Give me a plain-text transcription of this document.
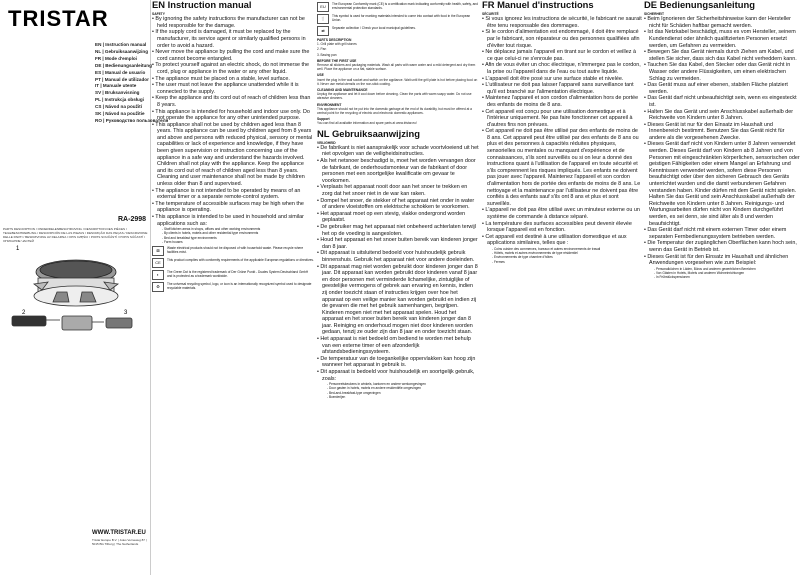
TRISTAR
EN | Instruction manual
NL | Gebruiksaanwijzing
FR | Mode d'emploi
DE | Bedienungsanleitung
ES | Manual de usuario
PT | Manual de utilizador
IT | Manuale utente
SV | Bruksanvisning
PL | Instrukcja obsługi
CS | Návod na použití
SK | Návod na použitie
RO | Руководство пользователя
RA-2998
PARTS DESCRIPTION / ONDERDELENBESCHRIJVING / DESCRIPTION DES PIÈCES / TEILEBESCHREIBUNG / DESCRIPCIÓN DE LAS PIEZAS / DESCRIÇÃO DAS PEÇAS / DESCRIZIONE DELLE PARTI / BESKRIVNING AV DELARNA / OPIS CZĘŚCI / POPIS SOUČÁSTÍ / POPIS SÚČASTÍ / ОПИСАНИЕ ЧАСТЕЙ
1
2	3
WWW.TRISTAR.EU
Tristar Europe B.V. | Jules Verneweg 87 | 5015 BG Tilburg | The Netherlands
EN Instruction manual

SAFETY

• By ignoring the safety instructions the manufacturer can not be held responsible for the damage.

• If the supply cord is damaged, it must be replaced by the manufacturer, its service agent or similarly qualified persons in order to avoid a hazard.

• Never move the appliance by pulling the cord and make sure the cord cannot become entangled.

• To protect yourself against an electric shock, do not immerse the cord, plug or appliance in the water or any other liquid.

• The appliance must be placed on a stable, level surface.

• The user must not leave the appliance unattended while it is connected to the supply.

• Keep the appliance and its cord out of reach of children less than 8 years.

• This appliance is intended for household and indoor use only. Do not operate the appliance for any other unintended purpose.

• This appliance shall not be used by children aged less than 8 years. This appliance can be used by children aged from 8 years and above and persons with reduced physical, sensory or mental capabilities or lack of experience and knowledge, if they have been given supervision or instruction concerning use of the appliance in a safe way and understand the hazards involved. Children shall not play with the appliance. Keep the appliance and its cord out of reach of children aged less than 8 years. Cleaning and user maintenance shall not be made by children unless older than 8 and supervised.

• The appliance is not intended to be operated by means of an external timer or a separate remote-control system.

• The temperature of accessible surfaces may be high when the appliance is operating.

• This appliance is intended to be used in household and similar applications such as:

- Staff kitchen areas in shops, offices and other working environments

- By clients in hotels, motels and other residential type environments

- Bed and breakfast type environments

- Farm houses

⊠	Waste electrical products should not be disposed of with household waste. Please recycle where facilities exist.

CE	This product complies with conformity requirements of the applicable European regulations or directives.

◐	The Green Dot is the registered trademark of Der Grüne Punkt - Duales System Deutschland GmbH and is protected as a trademark worldwide.

♻	The universal recycling symbol, logo, or icon is an internationally recognized symbol used to designate recyclable materials.

EU	The European Conformity mark (CE) is a certification mark indicating conformity with health, safety, and environmental protection standards.

🍴	This symbol is used for marking materials intended to come into contact with food in the European Union.

⇄	Separate collection / Check your local municipal guidelines.

PARTS DESCRIPTION

1. Grill plate with grill stones

2. Pan

3. Basing pan

BEFORE THE FIRST USE

Remove all stickers and packaging materials. Wash all parts with warm water and a mild detergent and dry them well. Place the appliance on a flat, stable surface.

USE

Insert the plug in the wall socket and switch on the appliance. Wait until the grill plate is hot before placing food on it. Never use metal utensils on the non-stick coating.

CLEANING AND MAINTENANCE

Unplug the appliance and let it cool down before cleaning. Clean the parts with warm soapy water. Do not use abrasive cleaners.

ENVIRONMENT

This appliance should not be put into the domestic garbage at the end of its durability, but must be offered at a central point for the recycling of electric and electronic domestic appliances.

Support

You can find all available information and spare parts at www.tristar.eu!

NL Gebruiksaanwijzing

VEILIGHEID

• De fabrikant is niet aansprakelijk voor schade voortvloeiend uit het niet opvolgen van de veiligheidsinstructies.

• Als het netsnoer beschadigd is, moet het worden vervangen door de fabrikant, de onderhoudsmonteur van de fabrikant of door personen met een soortgelijke kwalificatie om gevaar te voorkomen.

• Verplaats het apparaat nooit door aan het snoer te trekken en zorg dat het snoer niet in de war kan raken.

• Dompel het snoer, de stekker of het apparaat niet onder in water of andere vloeistoffen om elektrische schokken te voorkomen.

• Het apparaat moet op een stevig, vlakke ondergrond worden geplaatst.

• De gebruiker mag het apparaat niet onbeheerd achterlaten terwijl het op de voeding is aangesloten.

• Houd het apparaat en het snoer buiten bereik van kinderen jonger dan 8 jaar.

• Dit apparaat is uitsluitend bedoeld voor huishoudelijk gebruik binnenshuis. Gebruik het apparaat niet voor andere doeleinden.

• Dit apparaat mag niet worden gebruikt door kinderen jonger dan 8 jaar. Dit apparaat kan worden gebruikt door kinderen vanaf 8 jaar en door personen met verminderde lichamelijke, zintuiglijke of geestelijke vermogens of gebrek aan ervaring en kennis, indien zij onder toezicht staan of instructies krijgen over hoe het apparaat op een veilige manier kan worden gebruikt en indien zij de gevaren die met het gebruik samenhangen, begrijpen. Kinderen mogen niet met het apparaat spelen. Houd het apparaat en het snoer buiten bereik van kinderen jonger dan 8 jaar. Reiniging en onderhoud mogen niet door kinderen worden gedaan, tenzij ze ouder zijn dan 8 jaar en onder toezicht staan.

• Het apparaat is niet bedoeld om bediend te worden met behulp van een externe timer of een afzonderlijk afstandsbedieningssysteem.

• De temperatuur van de toegankelijke oppervlakken kan hoog zijn wanneer het apparaat in gebruik is.

• Dit apparaat is bedoeld voor huishoudelijk en soortgelijk gebruik, zoals:

- Personeelskeukens in winkels, kantoren en andere werkomgevingen

- Door gasten in hotels, motels en andere residentiële omgevingen

- Bed-and-breakfast-type omgevingen

- Boerderijen

FR Manuel d'instructions

SÉCURITÉ

• Si vous ignorez les instructions de sécurité, le fabricant ne saurait être tenu responsable des dommages.

• Si le cordon d'alimentation est endommagé, il doit être remplacé par le fabricant, son réparateur ou des personnes qualifiées afin d'éviter tout risque.

• Ne déplacez jamais l'appareil en tirant sur le cordon et veillez à ce que celui-ci ne s'enroule pas.

• Afin de vous éviter un choc électrique, n'immergez pas le cordon, la prise ou l'appareil dans de l'eau ou tout autre liquide.

• L'appareil doit être posé sur une surface stable et nivelée.

• L'utilisateur ne doit pas laisser l'appareil sans surveillance tant qu'il est branché sur l'alimentation électrique.

• Maintenez l'appareil et son cordon d'alimentation hors de portée des enfants de moins de 8 ans.

• Cet appareil est conçu pour une utilisation domestique et à l'intérieur uniquement. Ne pas faire fonctionner cet appareil à d'autres fins non prévues.

• Cet appareil ne doit pas être utilisé par des enfants de moins de 8 ans. Cet appareil peut être utilisé par des enfants de 8 ans ou plus et des personnes à capacités réduites physiques, sensorielles ou mentales ou manquant d'expérience et de connaissances, s'ils sont surveillés ou si on leur a donné des instructions quant à l'utilisation de l'appareil en toute sécurité et s'ils comprennent les risques impliqués. Les enfants ne doivent pas jouer avec l'appareil. Maintenez l'appareil et son cordon d'alimentation hors de portée des enfants de moins de 8 ans. Le nettoyage et la maintenance par l'utilisateur ne doivent pas être confiés à des enfants sauf s'ils ont 8 ans et plus et sont surveillés.

• L'appareil ne doit pas être utilisé avec un minuteur externe ou un système de commande à distance séparé.

• La température des surfaces accessibles peut devenir élevée lorsque l'appareil est en fonction.

• Cet appareil est destiné à une utilisation domestique et aux applications similaires, telles que :

- Coins cuisine des commerces, bureaux et autres environnements de travail

- Hôtels, motels et autres environnements de type résidentiel

- Environnements de type chambre d'hôtes

- Fermes

DE Bedienungsanleitung

SICHERHEIT

• Beim Ignorieren der Sicherheitshinweise kann der Hersteller nicht für Schäden haftbar gemacht werden.

• Ist das Netzkabel beschädigt, muss es vom Hersteller, seinem Kundendienst oder ähnlich qualifizierten Personen ersetzt werden, um Gefahren zu vermeiden.

• Bewegen Sie das Gerät niemals durch Ziehen am Kabel, und stellen Sie sicher, dass sich das Kabel nicht verheddern kann.

• Tauchen Sie das Kabel, den Stecker oder das Gerät nicht in Wasser oder andere Flüssigkeiten, um einen elektrischen Schlag zu vermeiden.

• Das Gerät muss auf einer ebenen, stabilen Fläche platziert werden.

• Das Gerät darf nicht unbeaufsichtigt sein, wenn es eingesteckt ist.

• Halten Sie das Gerät und sein Anschlusskabel außerhalb der Reichweite von Kindern unter 8 Jahren.

• Dieses Gerät ist nur für den Einsatz im Haushalt und Innenbereich bestimmt. Benutzen Sie das Gerät nicht für andere als die vorgesehenen Zwecke.

• Dieses Gerät darf nicht von Kindern unter 8 Jahren verwendet werden. Dieses Gerät darf von Kindern ab 8 Jahren und von Personen mit eingeschränkten körperlichen, sensorischen oder geistigen Fähigkeiten oder einem Mangel an Erfahrung und Kenntnissen verwendet werden, sofern diese Personen beaufsichtigt oder über den sicheren Gebrauch des Geräts unterrichtet wurden und die damit verbundenen Gefahren verstanden haben. Kinder dürfen mit dem Gerät nicht spielen. Halten Sie das Gerät und sein Anschlusskabel außerhalb der Reichweite von Kindern unter 8 Jahren. Reinigungs- und Wartungsarbeiten dürfen nicht von Kindern durchgeführt werden, es sei denn, sie sind älter als 8 und werden beaufsichtigt.

• Das Gerät darf nicht mit einem externen Timer oder einem separaten Fernbedienungssystem betrieben werden.

• Die Temperatur der zugänglichen Oberflächen kann hoch sein, wenn das Gerät in Betrieb ist.

• Dieses Gerät ist für den Einsatz im Haushalt und ähnlichen Anwendungen vorgesehen wie zum Beispiel:

- Personalküchen in Läden, Büros und anderen gewerblichen Bereichen

- Von Gästen in Hotels, Motels und anderen Wohneinrichtungen

- In Frühstückspensionen
